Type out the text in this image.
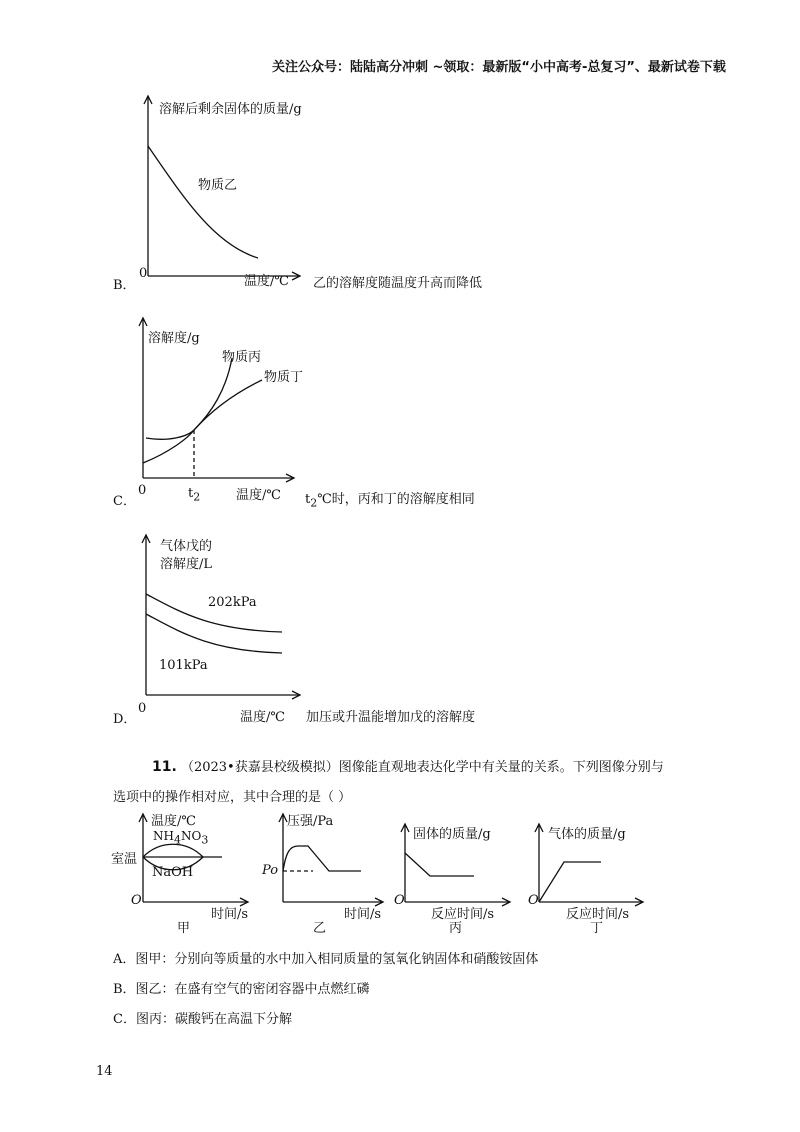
关注公众号：陆陆高分冲刺 ~领取：最新版“小中高考-总复习”、最新试卷下载
溶解后剩余固体的质量/g
物质乙
0
温度/℃
B．	乙的溶解度随温度升高而降低
溶解度/g
物质丙
物质丁
0	$t_2$	温度/℃
C．	$t_2℃$时，丙和丁的溶解度相同
气体戊的
溶解度/L
202kPa
101kPa
0
温度/℃
D．	加压或升温能增加戊的溶解度
11. （2023•获嘉县校级模拟）图像能直观地表达化学中有关量的关系。下列图像分别与
选项中的操作相对应，其中合理的是（ ）
温度/℃
$NH_4NO_3$
室温
NaOH
O
时间/s
甲
压强/Pa
Po
时间/s
乙
固体的质量/g
O
反应时间/s
丙
气体的质量/g
O
反应时间/s
丁
A．图甲：分别向等质量的水中加入相同质量的氢氧化钠固体和硝酸铵固体
B．图乙：在盛有空气的密闭容器中点燃红磷
C．图丙：碳酸钙在高温下分解
14
